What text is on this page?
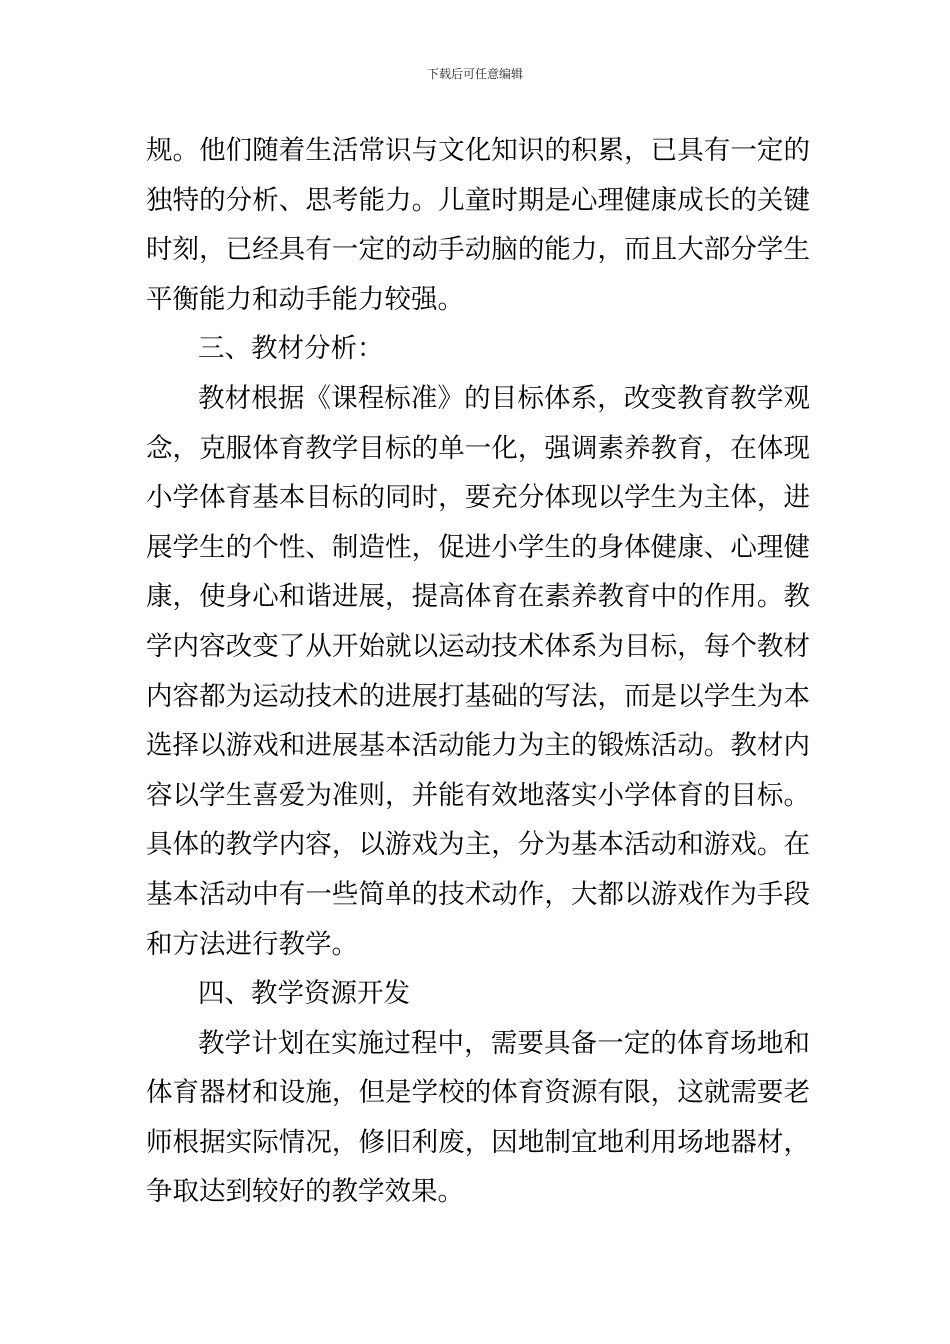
下载后可任意编辑
规。他们随着生活常识与文化知识的积累，已具有一定的
独特的分析、思考能力。儿童时期是心理健康成长的关键
时刻，已经具有一定的动手动脑的能力，而且大部分学生
平衡能力和动手能力较强。
三、教材分析：
教材根据《课程标准》的目标体系，改变教育教学观
念，克服体育教学目标的单一化，强调素养教育，在体现
小学体育基本目标的同时，要充分体现以学生为主体，进
展学生的个性、制造性，促进小学生的身体健康、心理健
康，使身心和谐进展，提高体育在素养教育中的作用。教
学内容改变了从开始就以运动技术体系为目标，每个教材
内容都为运动技术的进展打基础的写法，而是以学生为本
选择以游戏和进展基本活动能力为主的锻炼活动。教材内
容以学生喜爱为准则，并能有效地落实小学体育的目标。
具体的教学内容，以游戏为主，分为基本活动和游戏。在
基本活动中有一些简单的技术动作，大都以游戏作为手段
和方法进行教学。
四、教学资源开发
教学计划在实施过程中，需要具备一定的体育场地和
体育器材和设施，但是学校的体育资源有限，这就需要老
师根据实际情况，修旧利废，因地制宜地利用场地器材，
争取达到较好的教学效果。
